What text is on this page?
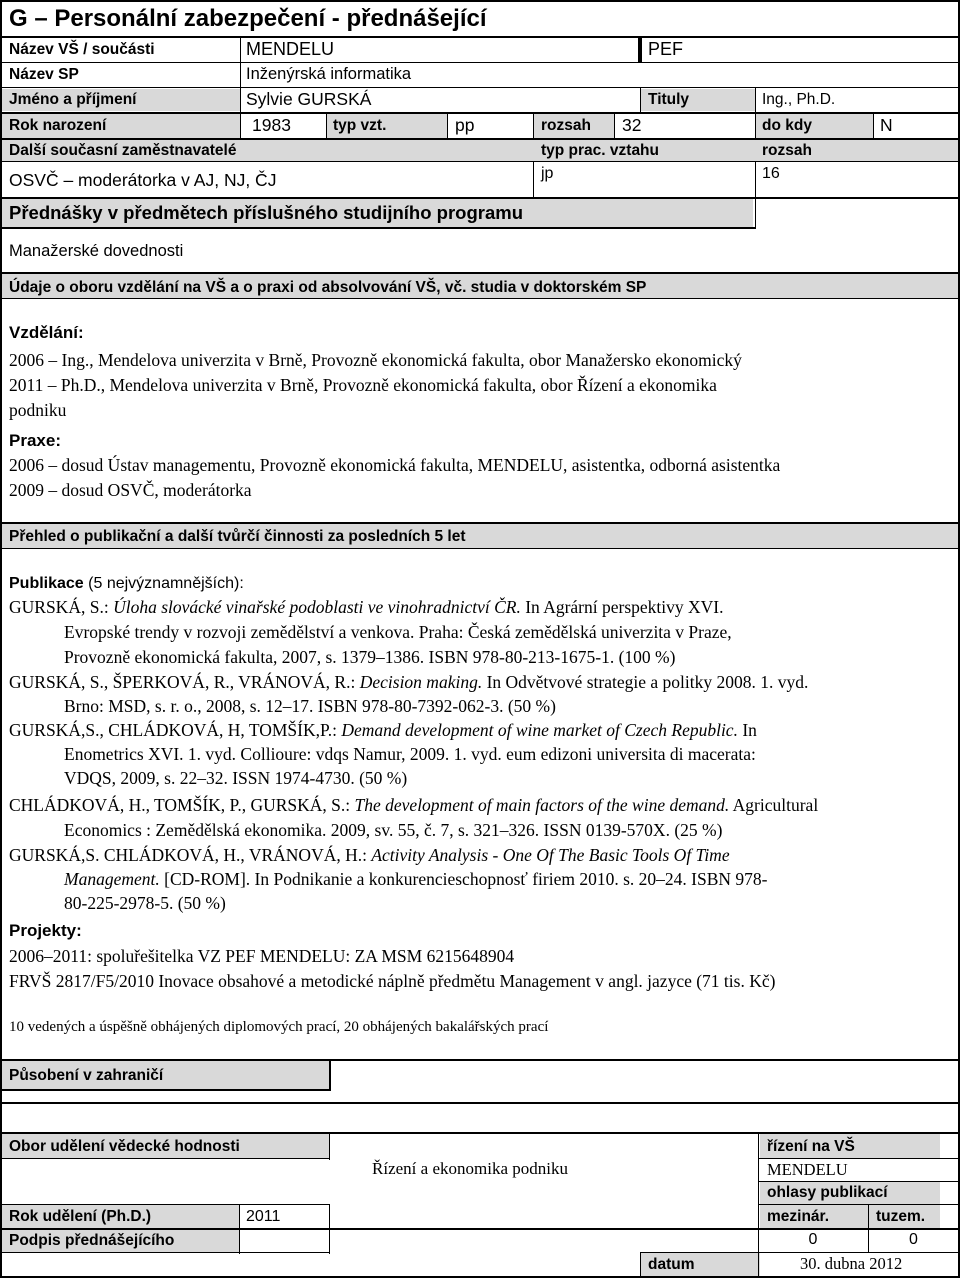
G – Personální zabezpečení - přednášející
Název VŠ / součásti	MENDELU	PEF
Název SP	Inženýrská informatika
Jméno a příjmení	Sylvie GURSKÁ	Tituly	Ing., Ph.D.
Rok narození	1983	typ vzt.	pp	rozsah 32	do kdy	N
Další současní zaměstnavatelé	typ prac. vztahu	rozsah
OSVČ – moderátorka v AJ, NJ, ČJ	jp	16
Přednášky v předmětech příslušného studijního programu
Manažerské dovednosti
Údaje o oboru vzdělání na VŠ a o praxi od absolvování VŠ, vč. studia v doktorském SP
Vzdělání:
2006 – Ing., Mendelova univerzita v Brně, Provozně ekonomická fakulta, obor Manažersko ekonomický
2011 – Ph.D., Mendelova univerzita v Brně, Provozně ekonomická fakulta, obor Řízení a ekonomika
podniku
Praxe:
2006 – dosud Ústav managementu, Provozně ekonomická fakulta, MENDELU, asistentka, odborná asistentka
2009 – dosud OSVČ, moderátorka
Přehled o publikační a další tvůrčí činnosti za posledních 5 let
Publikace (5 nejvýznamnějších):
GURSKÁ, S.: Úloha slovácké vinařské podoblasti ve vinohradnictví ČR. In Agrární perspektivy XVI.
Evropské trendy v rozvoji zemědělství a venkova. Praha: Česká zemědělská univerzita v Praze,
Provozně ekonomická fakulta, 2007, s. 1379–1386. ISBN 978-80-213-1675-1. (100 %)
GURSKÁ, S., ŠPERKOVÁ, R., VRÁNOVÁ, R.: Decision making. In Odvětvové strategie a politky 2008. 1. vyd.
Brno: MSD, s. r. o., 2008, s. 12–17. ISBN 978-80-7392-062-3. (50 %)
GURSKÁ,S., CHLÁDKOVÁ, H, TOMŠÍK,P.: Demand development of wine market of Czech Republic. In
Enometrics XVI. 1. vyd. Collioure: vdqs Namur, 2009. 1. vyd. eum edizoni universita di macerata:
VDQS, 2009, s. 22–32. ISSN 1974-4730. (50 %)
CHLÁDKOVÁ, H., TOMŠÍK, P., GURSKÁ, S.: The development of main factors of the wine demand. Agricultural
Economics : Zemědělská ekonomika. 2009, sv. 55, č. 7, s. 321–326. ISSN 0139-570X. (25 %)
GURSKÁ,S. CHLÁDKOVÁ, H., VRÁNOVÁ, H.: Activity Analysis - One Of The Basic Tools Of Time
Management. [CD-ROM]. In Podnikanie a konkurencieschopnosť firiem 2010. s. 20–24. ISBN 978-
80-225-2978-5. (50 %)
Projekty:
2006–2011: spoluřešitelka VZ PEF MENDELU: ZA MSM 6215648904
FRVŠ 2817/F5/2010 Inovace obsahové a metodické náplně předmětu Management v angl. jazyce (71 tis. Kč)
10 vedených a úspěšně obhájených diplomových prací, 20 obhájených bakalářských prací
Působení v zahraničí
Obor udělení vědecké hodnosti
Řízení a ekonomika podniku
Rok udělení (Ph.D.)	2011
Podpis přednášejícího
řízení na VŠ
MENDELU
ohlasy publikací
mezinár.	tuzem.
0	0
datum	30. dubna 2012
